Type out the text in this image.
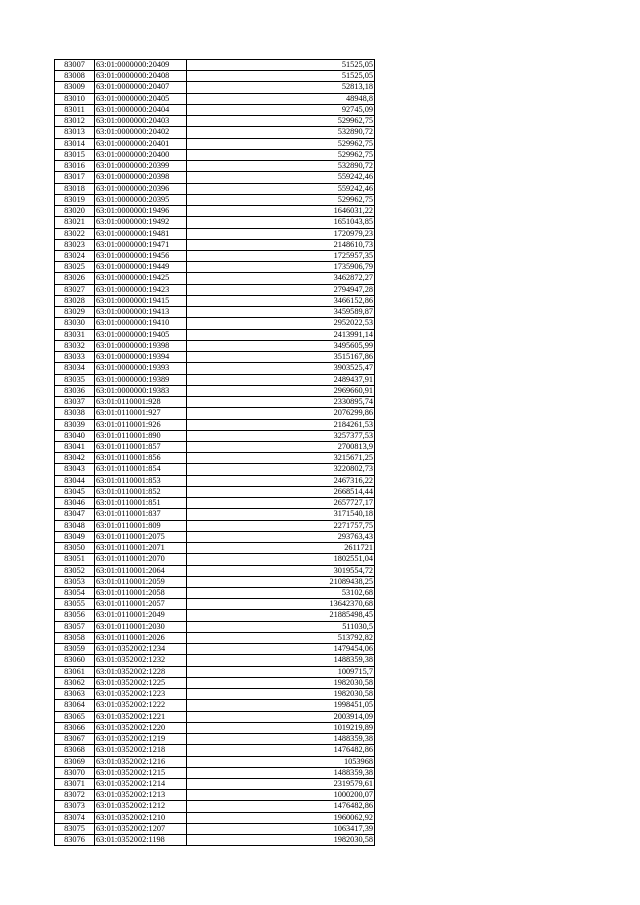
83007	63:01:0000000:20409	51525,05
83008	63:01:0000000:20408	51525,05
83009	63:01:0000000:20407	52813,18
83010	63:01:0000000:20405	48948,8
83011	63:01:0000000:20404	92745,09
83012	63:01:0000000:20403	529962,75
83013	63:01:0000000:20402	532890,72
83014	63:01:0000000:20401	529962,75
83015	63:01:0000000:20400	529962,75
83016	63:01:0000000:20399	532890,72
83017	63:01:0000000:20398	559242,46
83018	63:01:0000000:20396	559242,46
83019	63:01:0000000:20395	529962,75
83020	63:01:0000000:19496	1646031,22
83021	63:01:0000000:19492	1651043,85
83022	63:01:0000000:19481	1720979,23
83023	63:01:0000000:19471	2148610,73
83024	63:01:0000000:19456	1725957,35
83025	63:01:0000000:19449	1735906,79
83026	63:01:0000000:19425	3462872,27
83027	63:01:0000000:19423	2794947,28
83028	63:01:0000000:19415	3466152,86
83029	63:01:0000000:19413	3459589,87
83030	63:01:0000000:19410	2952022,53
83031	63:01:0000000:19405	2413991,14
83032	63:01:0000000:19398	3495605,99
83033	63:01:0000000:19394	3515167,86
83034	63:01:0000000:19393	3903525,47
83035	63:01:0000000:19389	2489437,91
83036	63:01:0000000:19383	2969660,91
83037	63:01:0110001:928	2330895,74
83038	63:01:0110001:927	2076299,86
83039	63:01:0110001:926	2184261,53
83040	63:01:0110001:890	3257377,53
83041	63:01:0110001:857	2700813,9
83042	63:01:0110001:856	3215671,25
83043	63:01:0110001:854	3220802,73
83044	63:01:0110001:853	2467316,22
83045	63:01:0110001:852	2668514,44
83046	63:01:0110001:851	2657727,17
83047	63:01:0110001:837	3171540,18
83048	63:01:0110001:809	2271757,75
83049	63:01:0110001:2075	293763,43
83050	63:01:0110001:2071	2611721
83051	63:01:0110001:2070	1802551,04
83052	63:01:0110001:2064	3019554,72
83053	63:01:0110001:2059	21089438,25
83054	63:01:0110001:2058	53102,68
83055	63:01:0110001:2057	13642370,68
83056	63:01:0110001:2049	21885498,45
83057	63:01:0110001:2030	511030,5
83058	63:01:0110001:2026	513792,82
83059	63:01:0352002:1234	1479454,06
83060	63:01:0352002:1232	1488359,38
83061	63:01:0352002:1228	1009715,7
83062	63:01:0352002:1225	1982030,58
83063	63:01:0352002:1223	1982030,58
83064	63:01:0352002:1222	1998451,05
83065	63:01:0352002:1221	2003914,09
83066	63:01:0352002:1220	1019219,89
83067	63:01:0352002:1219	1488359,38
83068	63:01:0352002:1218	1476482,86
83069	63:01:0352002:1216	1053968
83070	63:01:0352002:1215	1488359,38
83071	63:01:0352002:1214	2319579,61
83072	63:01:0352002:1213	1000200,07
83073	63:01:0352002:1212	1476482,86
83074	63:01:0352002:1210	1960062,92
83075	63:01:0352002:1207	1063417,39
83076	63:01:0352002:1198	1982030,58
